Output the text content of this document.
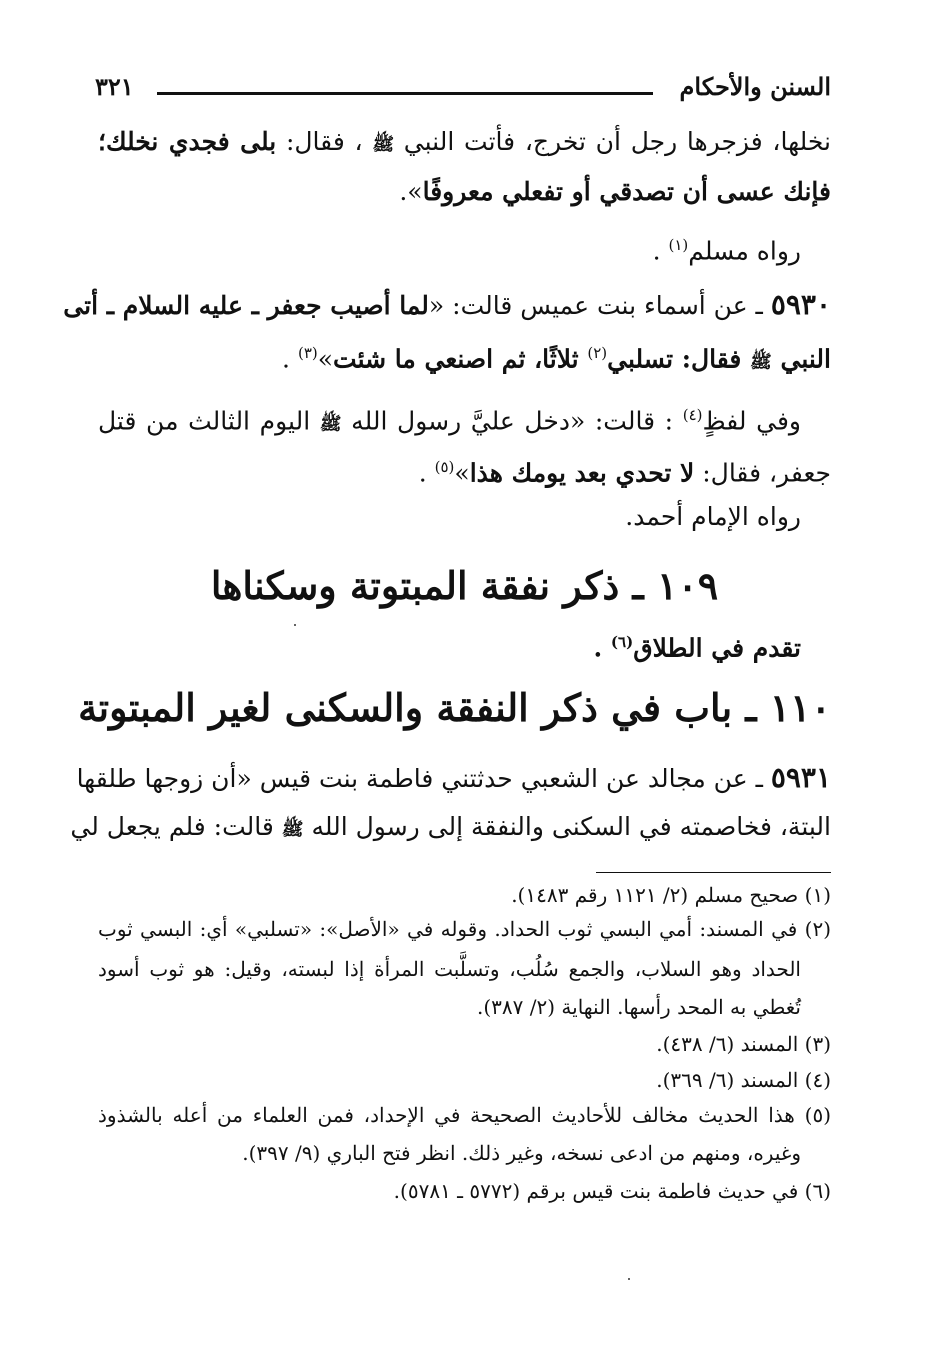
السنن والأحكام
٣٢١
نخلها، فزجرها رجل أن تخرج، فأتت النبي ﷺ ، فقال: بلى فجدي نخلك؛
فإنك عسى أن تصدقي أو تفعلي معروفًا».
رواه مسلم$^{(١)}$ .
٥٩٣٠ ـ عن أسماء بنت عميس قالت: «لما أصيب جعفر ـ عليه السلام ـ أتى
النبي ﷺ فقال: تسلبي$^{(٢)}$ ثلاثًا، ثم اصنعي ما شئت»$^{(٣)}$ .
وفي لفظٍ$^{(٤)}$ : قالت: «دخل عليَّ رسول الله ﷺ اليوم الثالث من قتل
جعفر، فقال: لا تحدي بعد يومك هذا»$^{(٥)}$ .
رواه الإمام أحمد.
١٠٩ ـ ذكر نفقة المبتوتة وسكناها
تقدم في الطلاق$^{(٦)}$ .
١١٠ ـ باب في ذكر النفقة والسكنى لغير المبتوتة
٥٩٣١ ـ عن مجالد عن الشعبي حدثتني فاطمة بنت قيس «أن زوجها طلقها
البتة، فخاصمته في السكنى والنفقة إلى رسول الله ﷺ قالت: فلم يجعل لي
(١) صحيح مسلم (٢/ ١١٢١ رقم ١٤٨٣).
(٢) في المسند: أمي البسي ثوب الحداد. وقوله في «الأصل»: «تسلبي» أي: البسي ثوب
الحداد وهو السلاب، والجمع سُلُب، وتسلَّبت المرأة إذا لبسته، وقيل: هو ثوب أسود
تُغطي به المحد رأسها. النهاية (٢/ ٣٨٧).
(٣) المسند (٦/ ٤٣٨).
(٤) المسند (٦/ ٣٦٩).
(٥) هذا الحديث مخالف للأحاديث الصحيحة في الإحداد، فمن العلماء من أعله بالشذوذ
وغيره، ومنهم من ادعى نسخه، وغير ذلك. انظر فتح الباري (٩/ ٣٩٧).
(٦) في حديث فاطمة بنت قيس برقم (٥٧٧٢ ـ ٥٧٨١).
